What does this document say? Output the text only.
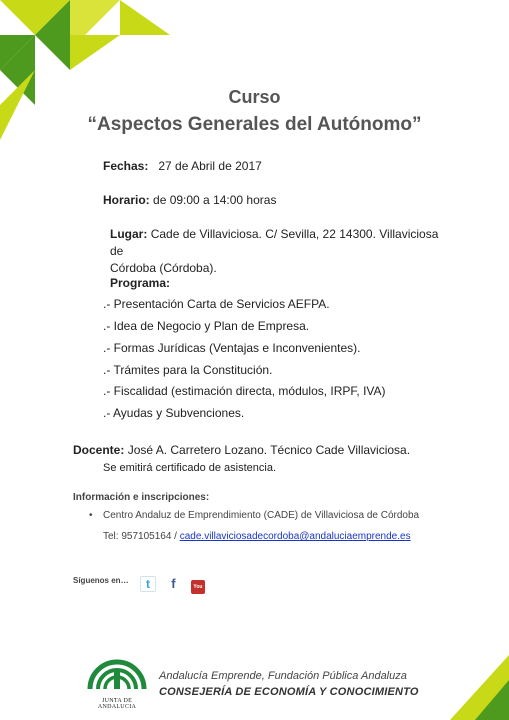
Curso
“Aspectos Generales del Autónomo”
Fechas: 27 de Abril de 2017
Horario: de 09:00 a 14:00 horas
Lugar: Cade de Villaviciosa. C/ Sevilla, 22 14300. Villaviciosa de
Córdoba (Córdoba).
Programa:
.- Presentación Carta de Servicios AEFPA.
.- Idea de Negocio y Plan de Empresa.
.- Formas Jurídicas (Ventajas e Inconvenientes).
.- Trámites para la Constitución.
.- Fiscalidad (estimación directa, módulos, IRPF, IVA)
.- Ayudas y Subvenciones.
Docente: José A. Carretero Lozano. Técnico Cade Villaviciosa.
Se emitirá certificado de asistencia.
Información e inscripciones:
• Centro Andaluz de Emprendimiento (CADE) de Villaviciosa de Córdoba
Tel: 957105164 / cade.villaviciosadecordoba@andaluciaemprende.es
Síguenos en…	t f	You
JUNTA DE ANDALUCIA
Andalucía Emprende, Fundación Pública Andaluza
CONSEJERÍA DE ECONOMÍA Y CONOCIMIENTO
